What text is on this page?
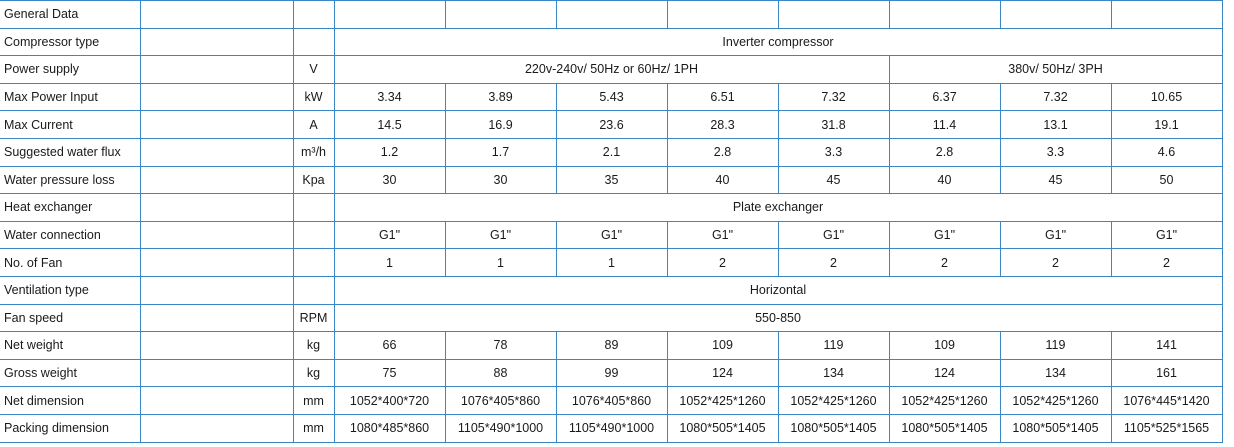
General Data										
Compressor type			Inverter compressor							
Power supply		V	220v-240v/ 50Hz or 60Hz/ 1PH					380v/ 50Hz/ 3PH		
Max Power Input		kW	3.34	3.89	5.43	6.51	7.32	6.37	7.32	10.65
Max Current		A	14.5	16.9	23.6	28.3	31.8	11.4	13.1	19.1
Suggested water flux		m³/h	1.2	1.7	2.1	2.8	3.3	2.8	3.3	4.6
Water pressure loss		Kpa	30	30	35	40	45	40	45	50
Heat exchanger			Plate exchanger							
Water connection			G1"	G1"	G1"	G1"	G1"	G1"	G1"	G1"
No. of Fan			1	1	1	2	2	2	2	2
Ventilation type			Horizontal							
Fan speed		RPM	550-850							
Net weight		kg	66	78	89	109	119	109	119	141
Gross weight		kg	75	88	99	124	134	124	134	161
Net dimension		mm	1052*400*720	1076*405*860	1076*405*860	1052*425*1260	1052*425*1260	1052*425*1260	1052*425*1260	1076*445*1420
Packing dimension		mm	1080*485*860	1105*490*1000	1105*490*1000	1080*505*1405	1080*505*1405	1080*505*1405	1080*505*1405	1105*525*1565
